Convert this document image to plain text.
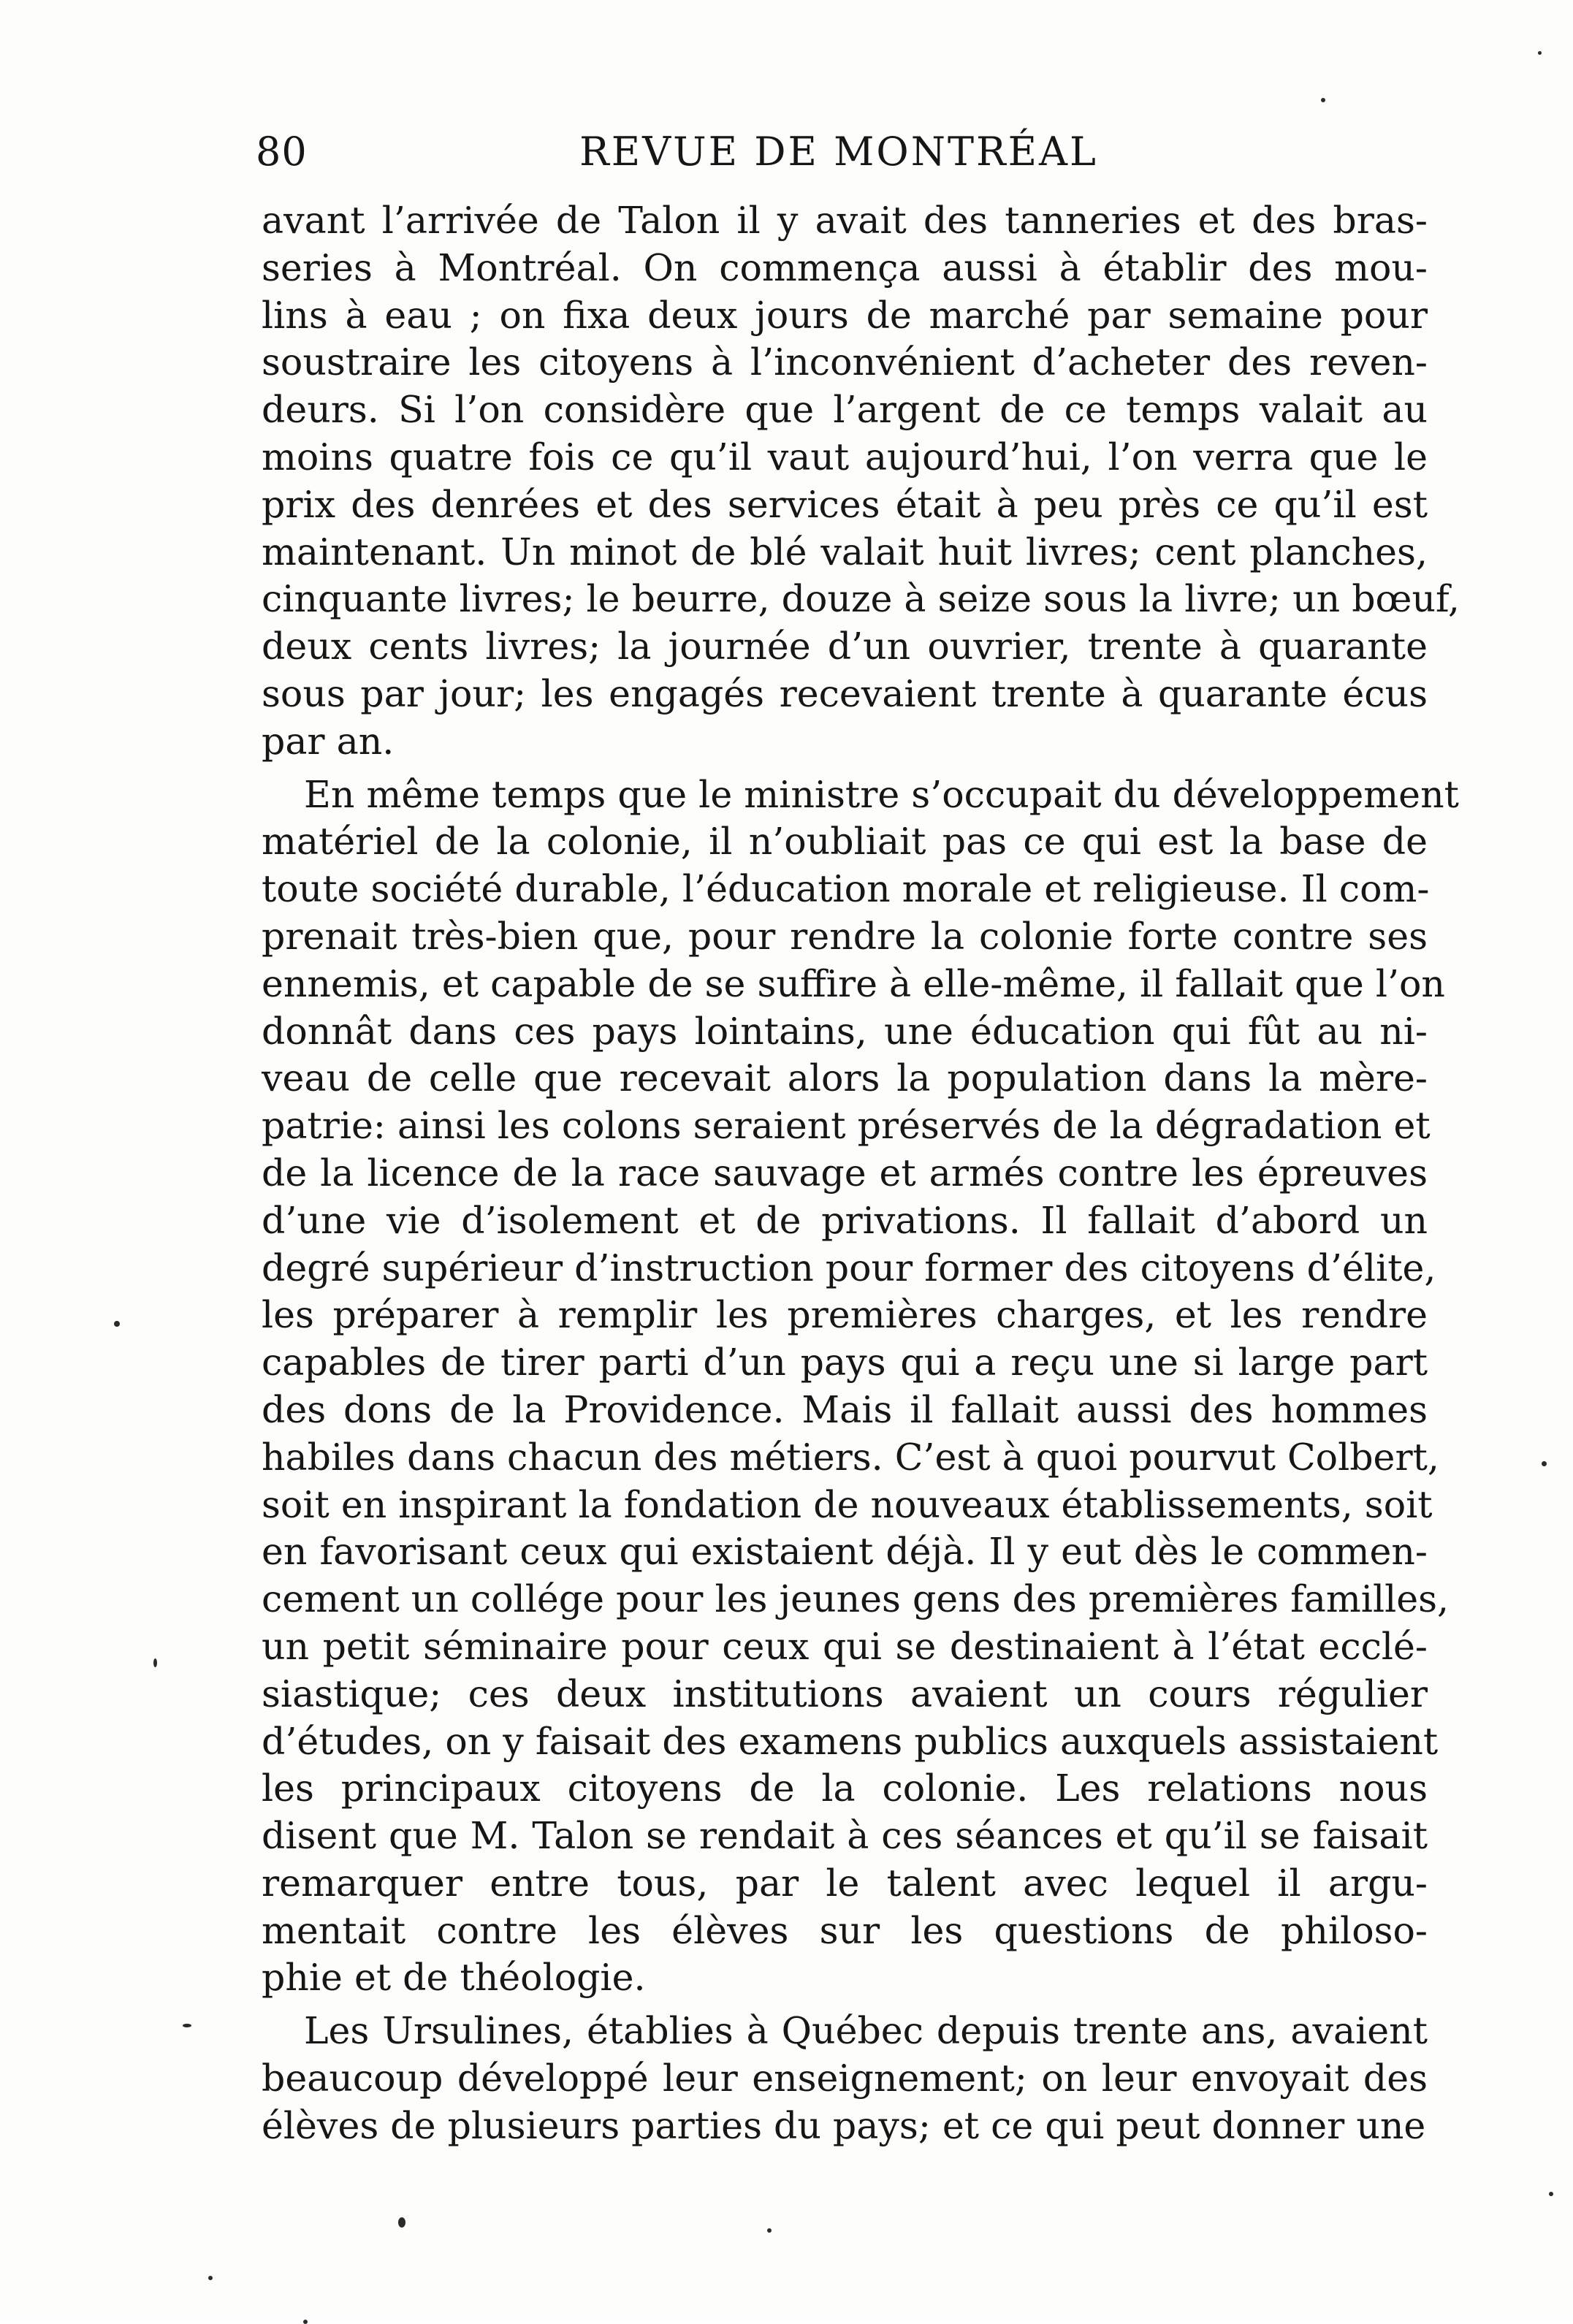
80	REVUE DE MONTRÉAL
avant l’arrivée de Talon il y avait des tanneries et des bras-
series à Montréal. On commença aussi à établir des mou-
lins à eau ; on fixa deux jours de marché par semaine pour
soustraire les citoyens à l’inconvénient d’acheter des reven-
deurs. Si l’on considère que l’argent de ce temps valait au
moins quatre fois ce qu’il vaut aujourd’hui, l’on verra que le
prix des denrées et des services était à peu près ce qu’il est
maintenant. Un minot de blé valait huit livres; cent planches,
cinquante livres; le beurre, douze à seize sous la livre; un bœuf,
deux cents livres; la journée d’un ouvrier, trente à quarante
sous par jour; les engagés recevaient trente à quarante écus
par an.
En même temps que le ministre s’occupait du développement
matériel de la colonie, il n’oubliait pas ce qui est la base de
toute société durable, l’éducation morale et religieuse. Il com-
prenait très-bien que, pour rendre la colonie forte contre ses
ennemis, et capable de se suffire à elle-même, il fallait que l’on
donnât dans ces pays lointains, une éducation qui fût au ni-
veau de celle que recevait alors la population dans la mère-
patrie: ainsi les colons seraient préservés de la dégradation et
de la licence de la race sauvage et armés contre les épreuves
d’une vie d’isolement et de privations. Il fallait d’abord un
degré supérieur d’instruction pour former des citoyens d’élite,
les préparer à remplir les premières charges, et les rendre
capables de tirer parti d’un pays qui a reçu une si large part
des dons de la Providence. Mais il fallait aussi des hommes
habiles dans chacun des métiers. C’est à quoi pourvut Colbert,
soit en inspirant la fondation de nouveaux établissements, soit
en favorisant ceux qui existaient déjà. Il y eut dès le commen-
cement un collége pour les jeunes gens des premières familles,
un petit séminaire pour ceux qui se destinaient à l’état ecclé-
siastique; ces deux institutions avaient un cours régulier
d’études, on y faisait des examens publics auxquels assistaient
les principaux citoyens de la colonie. Les relations nous
disent que M. Talon se rendait à ces séances et qu’il se faisait
remarquer entre tous, par le talent avec lequel il argu-
mentait contre les élèves sur les questions de philoso-
phie et de théologie.
Les Ursulines, établies à Québec depuis trente ans, avaient
beaucoup développé leur enseignement; on leur envoyait des
élèves de plusieurs parties du pays; et ce qui peut donner une
